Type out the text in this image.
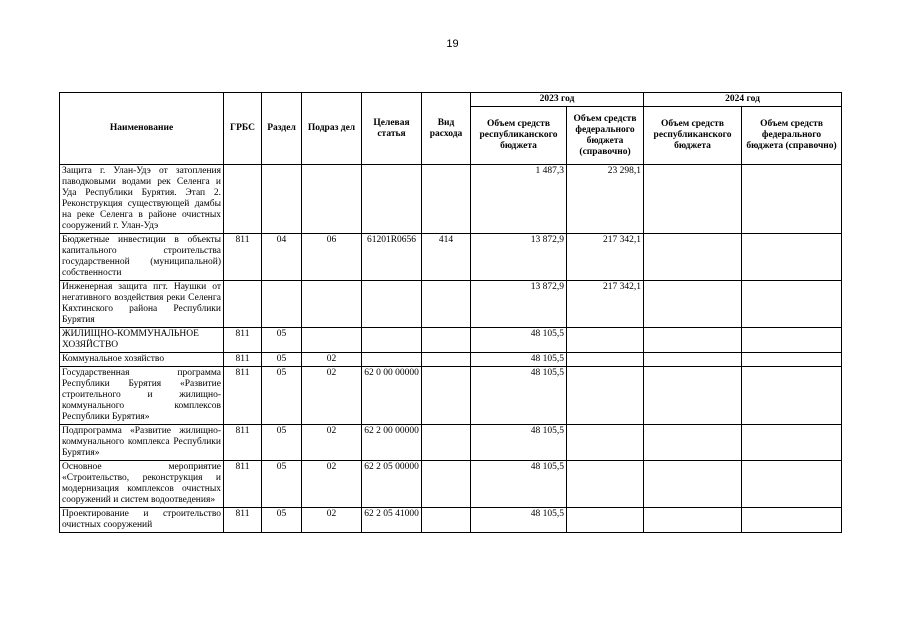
19
Наименование	ГРБС	Раздел	Подраз дел	Целевая статья	Вид расхода	2023 год		2024 год	
						Объем средств республиканского бюджета	Объем средств федерального бюджета (справочно)	Объем средств республиканского бюджета	Объем средств федерального бюджета (справочно)
Защита г. Улан-Удэ от затопления паводковыми водами рек Селенга и Уда Республики Бурятия. Этап 2. Реконструкция существующей дамбы на реке Селенга в районе очистных сооружений г. Улан-Удэ						1 487,3	23 298,1		
Бюджетные инвестиции в объекты капитального строительства государственной (муниципальной) собственности	811	04	06	61201R0656	414	13 872,9	217 342,1		
Инженерная защита пгт. Наушки от негативного воздействия реки Селенга Кяхтинского района Республики Бурятия						13 872,9	217 342,1		
ЖИЛИЩНО-КОММУНАЛЬНОЕ ХОЗЯЙСТВО	811	05				48 105,5			
Коммунальное хозяйство	811	05	02			48 105,5			
Государственная программа Республики Бурятия «Развитие строительного и жилищно-коммунального комплексов Республики Бурятия»	811	05	02	62 0 00 00000		48 105,5			
Подпрограмма «Развитие жилищно-коммунального комплекса Республики Бурятия»	811	05	02	62 2 00 00000		48 105,5			
Основное мероприятие «Строительство, реконструкция и модернизация комплексов очистных сооружений и систем водоотведения»	811	05	02	62 2 05 00000		48 105,5			
Проектирование и строительство очистных сооружений	811	05	02	62 2 05 41000		48 105,5			
